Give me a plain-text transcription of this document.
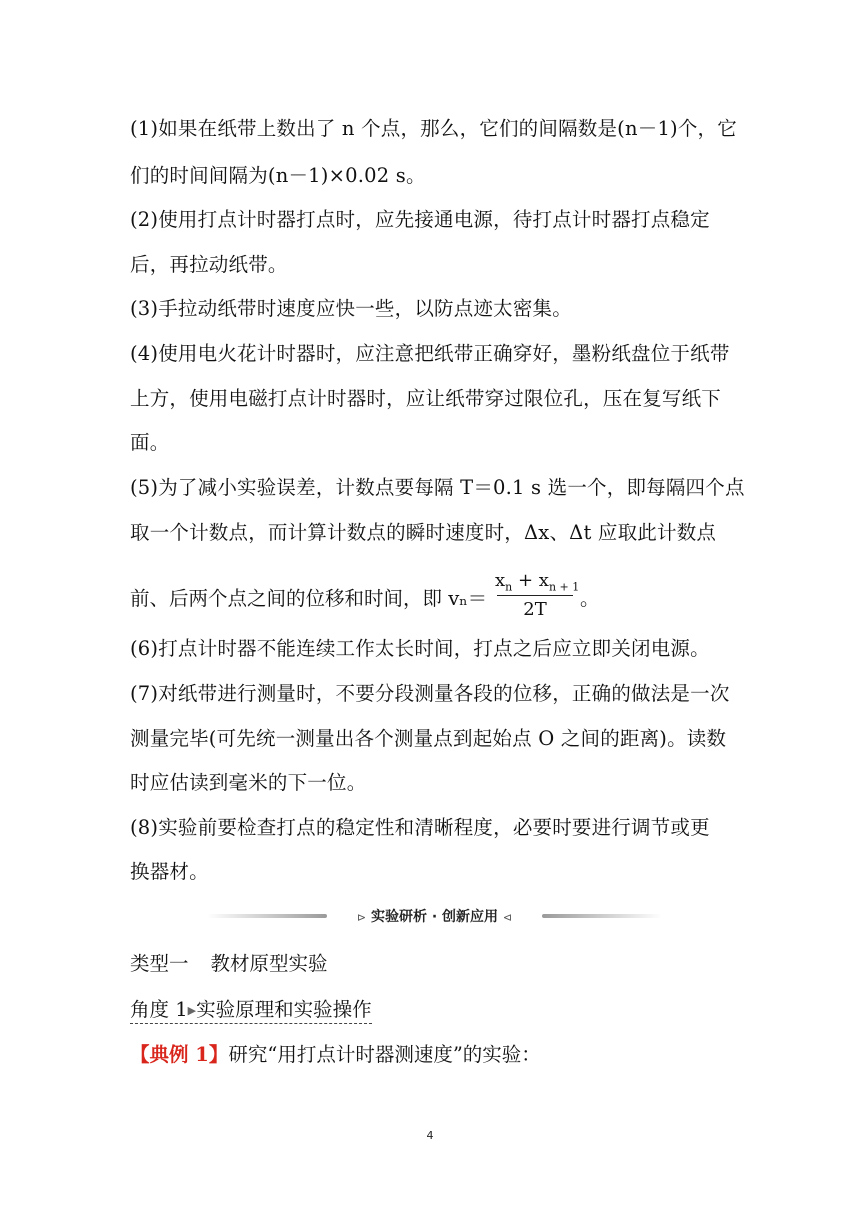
(1)如果在纸带上数出了 n 个点，那么，它们的间隔数是(n－1)个，它
们的时间间隔为(n－1)×0.02 s。
(2)使用打点计时器打点时，应先接通电源，待打点计时器打点稳定
后，再拉动纸带。
(3)手拉动纸带时速度应快一些，以防点迹太密集。
(4)使用电火花计时器时，应注意把纸带正确穿好，墨粉纸盘位于纸带
上方，使用电磁打点计时器时，应让纸带穿过限位孔，压在复写纸下
面。
(5)为了减小实验误差，计数点要每隔 T＝0.1 s 选一个，即每隔四个点
取一个计数点，而计算计数点的瞬时速度时，Δx、Δt 应取此计数点
前、后两个点之间的位移和时间，即 vₙ＝
$x_n + x_{n + 1}$
2T	。
(6)打点计时器不能连续工作太长时间，打点之后应立即关闭电源。
(7)对纸带进行测量时，不要分段测量各段的位移，正确的做法是一次
测量完毕(可先统一测量出各个测量点到起始点 O 之间的距离)。读数
时应估读到毫米的下一位。
(8)实验前要检查打点的稳定性和清晰程度，必要时要进行调节或更
换器材。
⊳ 实验研析 · 创新应用 ⊲
类型一 教材原型实验
角度 1▶实验原理和实验操作
【典例 1】研究“用打点计时器测速度”的实验：
4
